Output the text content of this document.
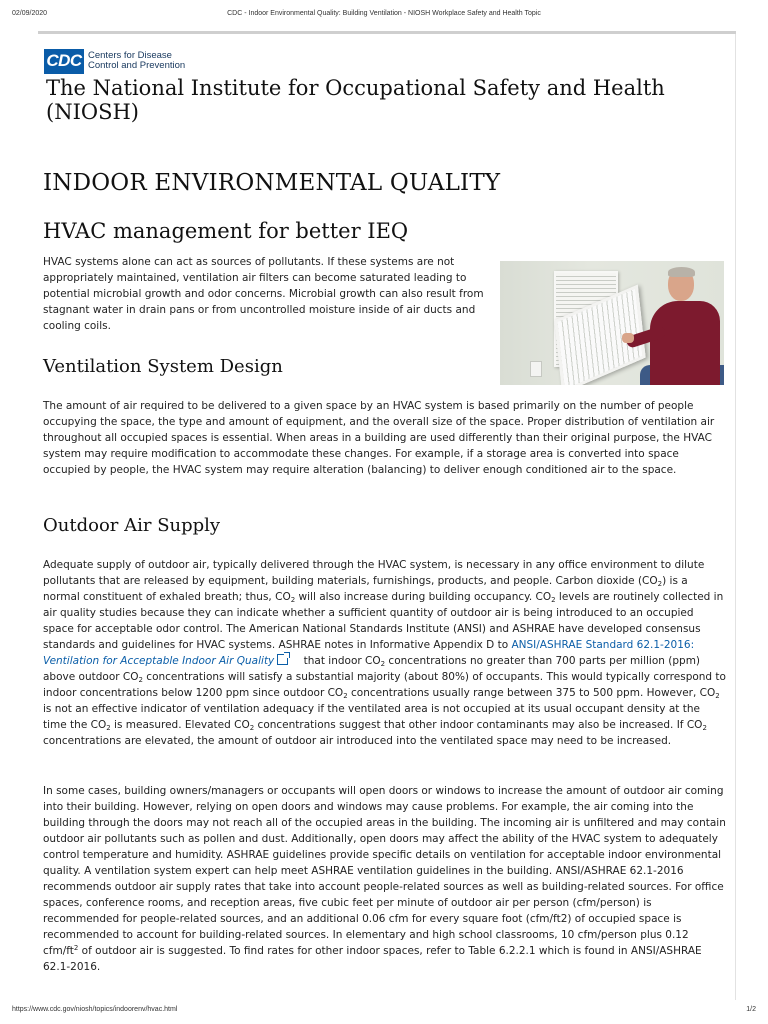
02/09/2020	CDC - Indoor Environmental Quality: Building Ventilation - NIOSH Workplace Safety and Health Topic
CDC Centers for Disease
Control and Prevention
The National Institute for Occupational Safety and Health (NIOSH)
INDOOR ENVIRONMENTAL QUALITY
HVAC management for better IEQ
HVAC systems alone can act as sources of pollutants. If these systems are not appropriately maintained, ventilation air filters can become saturated leading to potential microbial growth and odor concerns. Microbial growth can also result from stagnant water in drain pans or from uncontrolled moisture inside of air ducts and cooling coils.
Ventilation System Design
The amount of air required to be delivered to a given space by an HVAC system is based primarily on the number of people occupying the space, the type and amount of equipment, and the overall size of the space. Proper distribution of ventilation air throughout all occupied spaces is essential. When areas in a building are used differently than their original purpose, the HVAC system may require modification to accommodate these changes. For example, if a storage area is converted into space occupied by people, the HVAC system may require alteration (balancing) to deliver enough conditioned air to the space.
Outdoor Air Supply
Adequate supply of outdoor air, typically delivered through the HVAC system, is necessary in any office environment to dilute pollutants that are released by equipment, building materials, furnishings, products, and people. Carbon dioxide $(CO_2)$ is a normal constituent of exhaled breath; thus, $CO_2$ will also increase during building occupancy. $CO_2$ levels are routinely collected in air quality studies because they can indicate whether a sufficient quantity of outdoor air is being introduced to an occupied space for acceptable odor control. The American National Standards Institute (ANSI) and ASHRAE have developed consensus standards and guidelines for HVAC systems. ASHRAE notes in Informative Appendix D to ANSI/ASHRAE Standard 62.1-2016: Ventilation for Acceptable Indoor Air Quality that indoor $CO_2$ concentrations no greater than 700 parts per million (ppm) above outdoor $CO_2$ concentrations will satisfy a substantial majority (about 80%) of occupants. This would typically correspond to indoor concentrations below 1200 ppm since outdoor $CO_2$ concentrations usually range between 375 to 500 ppm. However, $CO_2$ is not an effective indicator of ventilation adequacy if the ventilated area is not occupied at its usual occupant density at the time the $CO_2$ is measured. Elevated $CO_2$ concentrations suggest that other indoor contaminants may also be increased. If $CO_2$ concentrations are elevated, the amount of outdoor air introduced into the ventilated space may need to be increased.
In some cases, building owners/managers or occupants will open doors or windows to increase the amount of outdoor air coming into their building. However, relying on open doors and windows may cause problems. For example, the air coming into the building through the doors may not reach all of the occupied areas in the building. The incoming air is unfiltered and may contain outdoor air pollutants such as pollen and dust. Additionally, open doors may affect the ability of the HVAC system to adequately control temperature and humidity. ASHRAE guidelines provide specific details on ventilation for acceptable indoor environmental quality. A ventilation system expert can help meet ASHRAE ventilation guidelines in the building. ANSI/ASHRAE 62.1-2016 recommends outdoor air supply rates that take into account people-related sources as well as building-related sources. For office spaces, conference rooms, and reception areas, five cubic feet per minute of outdoor air per person (cfm/person) is recommended for people-related sources, and an additional 0.06 cfm for every square foot (cfm/ft2) of occupied space is recommended to account for building-related sources. In elementary and high school classrooms, 10 cfm/person plus 0.12 cfm/$ft^2$ of outdoor air is suggested. To find rates for other indoor spaces, refer to Table 6.2.2.1 which is found in ANSI/ASHRAE 62.1-2016.
https://www.cdc.gov/niosh/topics/indoorenv/hvac.html	1/2
